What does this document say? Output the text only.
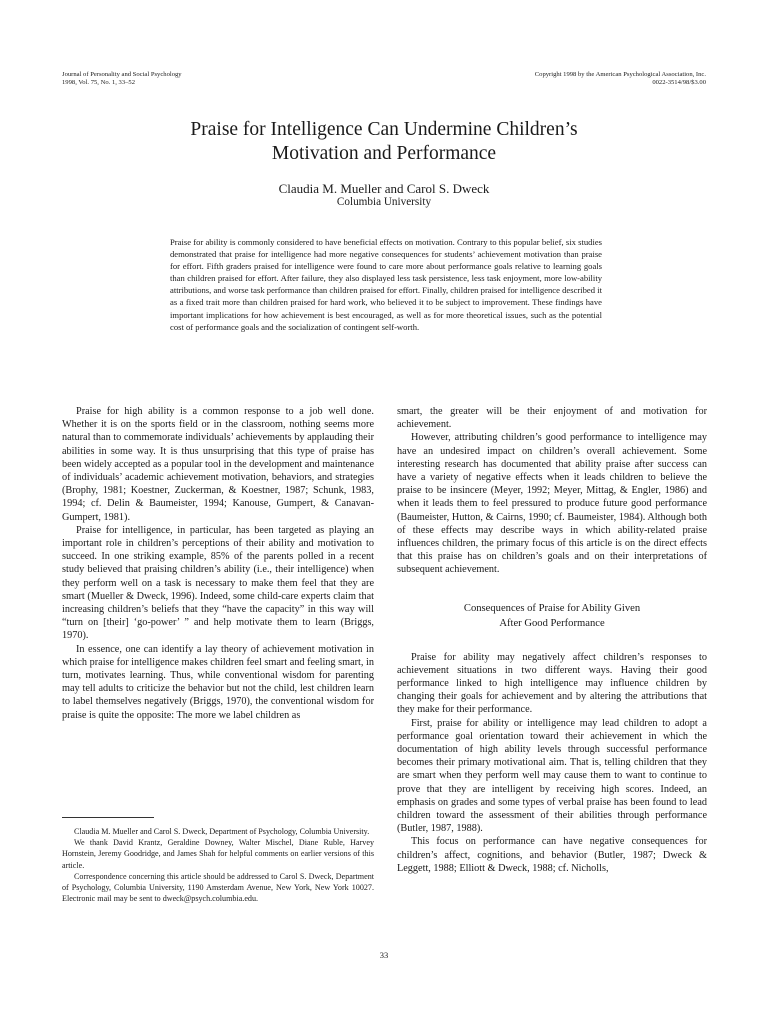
Journal of Personality and Social Psychology
1998, Vol. 75, No. 1, 33–52
Copyright 1998 by the American Psychological Association, Inc.
0022-3514/98/$3.00
Praise for Intelligence Can Undermine Children’s
Motivation and Performance
Claudia M. Mueller and Carol S. Dweck
Columbia University

Praise for ability is commonly considered to have beneficial effects on motivation. Contrary to this popular belief, six studies demonstrated that praise for intelligence had more negative consequences for students’ achievement motivation than praise for effort. Fifth graders praised for intelligence were found to care more about performance goals relative to learning goals than children praised for effort. After failure, they also displayed less task persistence, less task enjoyment, more low-ability attributions, and worse task performance than children praised for effort. Finally, children praised for intelligence described it as a fixed trait more than children praised for hard work, who believed it to be subject to improvement. These findings have important implications for how achievement is best encouraged, as well as for more theoretical issues, such as the potential cost of performance goals and the socialization of contingent self-worth.

Praise for high ability is a common response to a job well done. Whether it is on the sports field or in the classroom, nothing seems more natural than to commemorate individuals’ achievements by applauding their abilities in some way. It is thus unsurprising that this type of praise has been widely accepted as a popular tool in the development and maintenance of individuals’ academic achievement motivation, behaviors, and strategies (Brophy, 1981; Koestner, Zuckerman, & Koestner, 1987; Schunk, 1983, 1994; cf. Delin & Baumeister, 1994; Kanouse, Gumpert, & Canavan-Gumpert, 1981).

Praise for intelligence, in particular, has been targeted as playing an important role in children’s perceptions of their ability and motivation to succeed. In one striking example, 85% of the parents polled in a recent study believed that praising children’s ability (i.e., their intelligence) when they perform well on a task is necessary to make them feel that they are smart (Mueller & Dweck, 1996). Indeed, some child-care experts claim that increasing children’s beliefs that they “have the capacity” in this way will “turn on [their] ‘go-power’ ” and help motivate them to learn (Briggs, 1970).

In essence, one can identify a lay theory of achievement motivation in which praise for intelligence makes children feel smart and feeling smart, in turn, motivates learning. Thus, while conventional wisdom for parenting may tell adults to criticize the behavior but not the child, lest children learn to label themselves negatively (Briggs, 1970), the conventional wisdom for praise is quite the opposite: The more we label children as

smart, the greater will be their enjoyment of and motivation for achievement.

However, attributing children’s good performance to intelligence may have an undesired impact on children’s overall achievement. Some interesting research has documented that ability praise after success can have a variety of negative effects when it leads children to believe the praise to be insincere (Meyer, 1992; Meyer, Mittag, & Engler, 1986) and when it leads them to feel pressured to produce future good performance (Baumeister, Hutton, & Cairns, 1990; cf. Baumeister, 1984). Although both of these effects may describe ways in which ability-related praise influences children, the primary focus of this article is on the direct effects that this praise has on children’s goals and on their interpretations of subsequent achievement.

Consequences of Praise for Ability Given
After Good Performance

Praise for ability may negatively affect children’s responses to achievement situations in two different ways. Having their good performance linked to high intelligence may influence children by changing their goals for achievement and by altering the attributions that they make for their performance.

First, praise for ability or intelligence may lead children to adopt a performance goal orientation toward their achievement in which the documentation of high ability levels through successful performance becomes their primary motivational aim. That is, telling children that they are smart when they perform well may cause them to want to continue to prove that they are intelligent by receiving high scores. Indeed, an emphasis on grades and some types of verbal praise has been found to lead children toward the assessment of their abilities through performance (Butler, 1987, 1988).

This focus on performance can have negative consequences for children’s affect, cognitions, and behavior (Butler, 1987; Dweck & Leggett, 1988; Elliott & Dweck, 1988; cf. Nicholls,

Claudia M. Mueller and Carol S. Dweck, Department of Psychology, Columbia University.

We thank David Krantz, Geraldine Downey, Walter Mischel, Diane Ruble, Harvey Hornstein, Jeremy Goodridge, and James Shah for helpful comments on earlier versions of this article.

Correspondence concerning this article should be addressed to Carol S. Dweck, Department of Psychology, Columbia University, 1190 Amsterdam Avenue, New York, New York 10027. Electronic mail may be sent to dweck@psych.columbia.edu.

33
